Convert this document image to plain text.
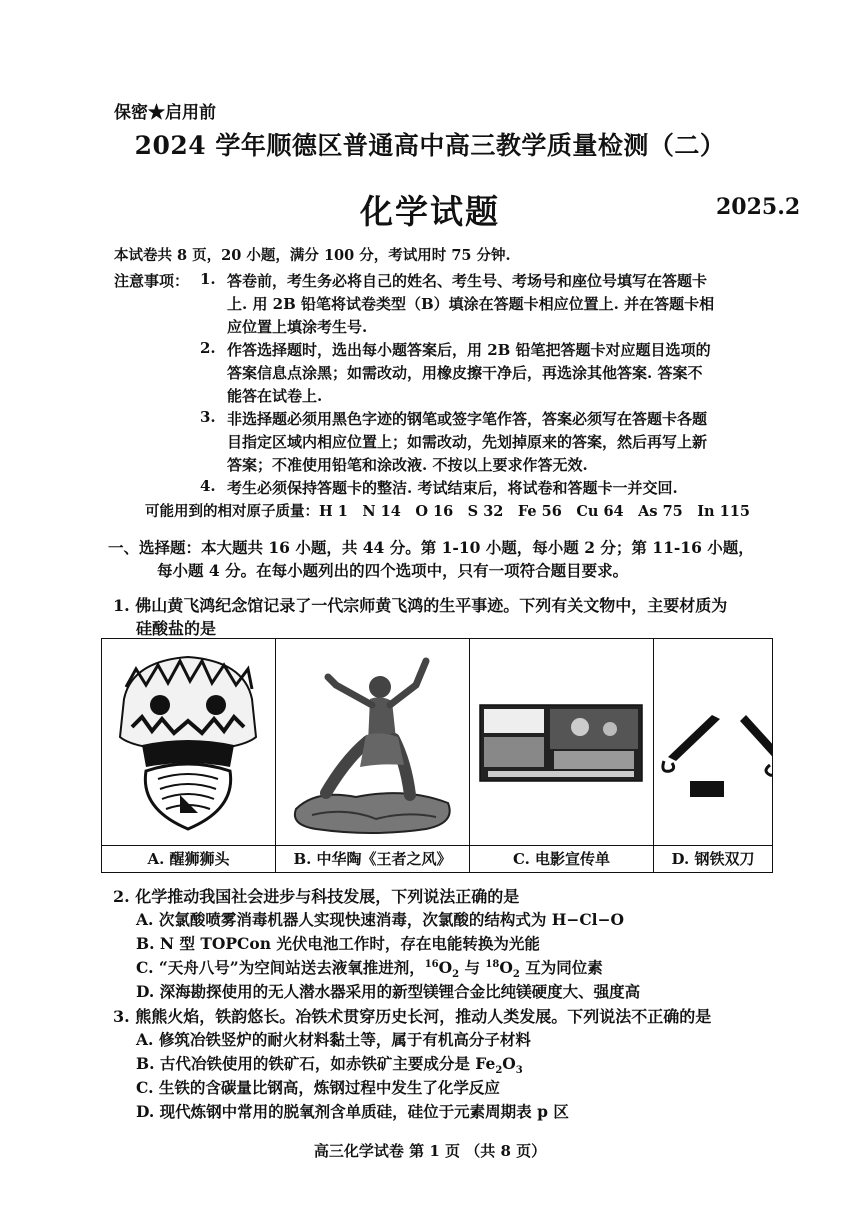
保密★启用前
2024 学年顺德区普通高中高三教学质量检测（二）
化学试题	2025.2
本试卷共 8 页，20 小题，满分 100 分，考试用时 75 分钟.
注意事项： 1. 答卷前，考生务必将自己的姓名、考生号、考场号和座位号填写在答题卡
上. 用 2B 铅笔将试卷类型（B）填涂在答题卡相应位置上. 并在答题卡相
应位置上填涂考生号.
2. 作答选择题时，选出每小题答案后，用 2B 铅笔把答题卡对应题目选项的
答案信息点涂黑；如需改动，用橡皮擦干净后，再选涂其他答案. 答案不
能答在试卷上.
3. 非选择题必须用黑色字迹的钢笔或签字笔作答，答案必须写在答题卡各题
目指定区域内相应位置上；如需改动，先划掉原来的答案，然后再写上新
答案；不准使用铅笔和涂改液. 不按以上要求作答无效.
4. 考生必须保持答题卡的整洁. 考试结束后，将试卷和答题卡一并交回.
可能用到的相对原子质量：H 1　N 14　O 16　S 32　Fe 56　Cu 64　As 75　In 115
一、选择题：本大题共 16 小题，共 44 分。第 1-10 小题，每小题 2 分；第 11-16 小题，
每小题 4 分。在每小题列出的四个选项中，只有一项符合题目要求。
1. 佛山黄飞鸿纪念馆记录了一代宗师黄飞鸿的生平事迹。下列有关文物中，主要材质为
硅酸盐的是
A. 醒狮狮头	B. 中华陶《王者之风》	C. 电影宣传单	D. 钢铁双刀
2. 化学推动我国社会进步与科技发展，下列说法正确的是
A. 次氯酸喷雾消毒机器人实现快速消毒，次氯酸的结构式为 H−Cl−O
B. N 型 TOPCon 光伏电池工作时，存在电能转换为光能
C. “天舟八号”为空间站送去液氧推进剂，$^{16}O_2$ 与 $^{18}O_2$ 互为同位素
D. 深海勘探使用的无人潜水器采用的新型镁锂合金比纯镁硬度大、强度高
3. 熊熊火焰，铁韵悠长。冶铁术贯穿历史长河，推动人类发展。下列说法不正确的是
A. 修筑冶铁竖炉的耐火材料黏土等，属于有机高分子材料
B. 古代冶铁使用的铁矿石，如赤铁矿主要成分是 $Fe_2O_3$
C. 生铁的含碳量比钢高，炼钢过程中发生了化学反应
D. 现代炼钢中常用的脱氧剂含单质硅，硅位于元素周期表 p 区
高三化学试卷 第 1 页 （共 8 页）
